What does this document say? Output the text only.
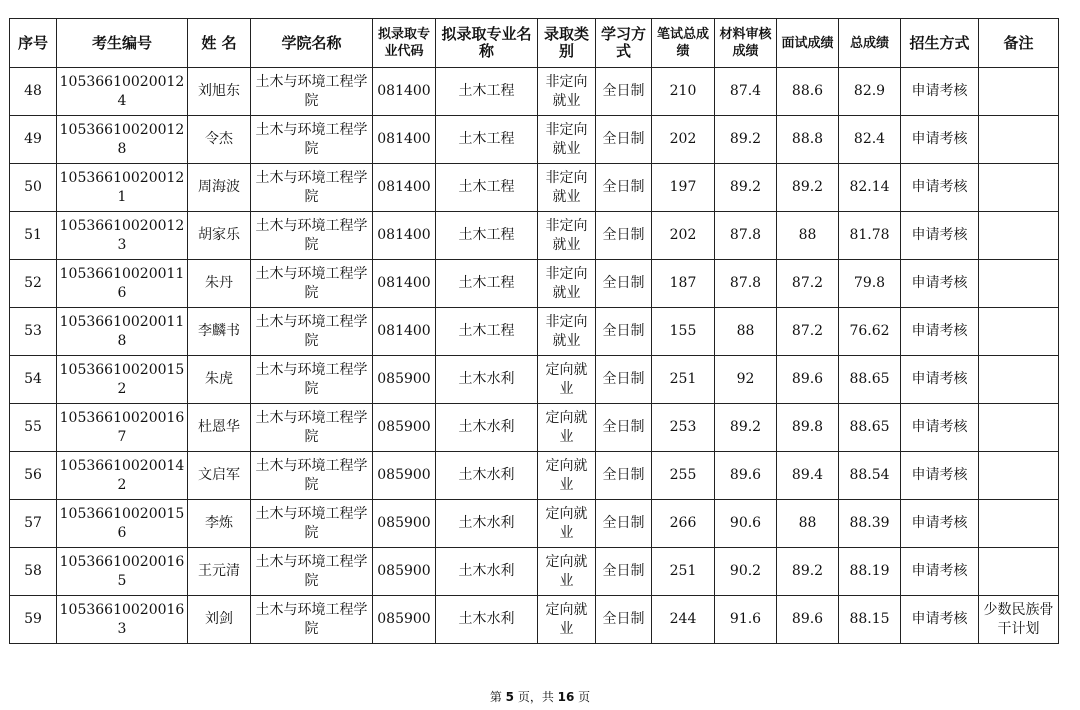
序号	考生编号	姓 名	学院名称	拟录取专业代码	拟录取专业名称	录取类别	学习方式	笔试总成绩	材料审核成绩	面试成绩	总成绩	招生方式	备注
48	105366100200124	刘旭东	土木与环境工程学院	081400	土木工程	非定向就业	全日制	210	87.4	88.6	82.9	申请考核	
49	105366100200128	令杰	土木与环境工程学院	081400	土木工程	非定向就业	全日制	202	89.2	88.8	82.4	申请考核	
50	105366100200121	周海波	土木与环境工程学院	081400	土木工程	非定向就业	全日制	197	89.2	89.2	82.14	申请考核	
51	105366100200123	胡家乐	土木与环境工程学院	081400	土木工程	非定向就业	全日制	202	87.8	88	81.78	申请考核	
52	105366100200116	朱丹	土木与环境工程学院	081400	土木工程	非定向就业	全日制	187	87.8	87.2	79.8	申请考核	
53	105366100200118	李麟书	土木与环境工程学院	081400	土木工程	非定向就业	全日制	155	88	87.2	76.62	申请考核	
54	105366100200152	朱虎	土木与环境工程学院	085900	土木水利	定向就业	全日制	251	92	89.6	88.65	申请考核	
55	105366100200167	杜恩华	土木与环境工程学院	085900	土木水利	定向就业	全日制	253	89.2	89.8	88.65	申请考核	
56	105366100200142	文启军	土木与环境工程学院	085900	土木水利	定向就业	全日制	255	89.6	89.4	88.54	申请考核	
57	105366100200156	李炼	土木与环境工程学院	085900	土木水利	定向就业	全日制	266	90.6	88	88.39	申请考核	
58	105366100200165	王元清	土木与环境工程学院	085900	土木水利	定向就业	全日制	251	90.2	89.2	88.19	申请考核	
59	105366100200163	刘剑	土木与环境工程学院	085900	土木水利	定向就业	全日制	244	91.6	89.6	88.15	申请考核	少数民族骨干计划
第 5 页，共 16 页
